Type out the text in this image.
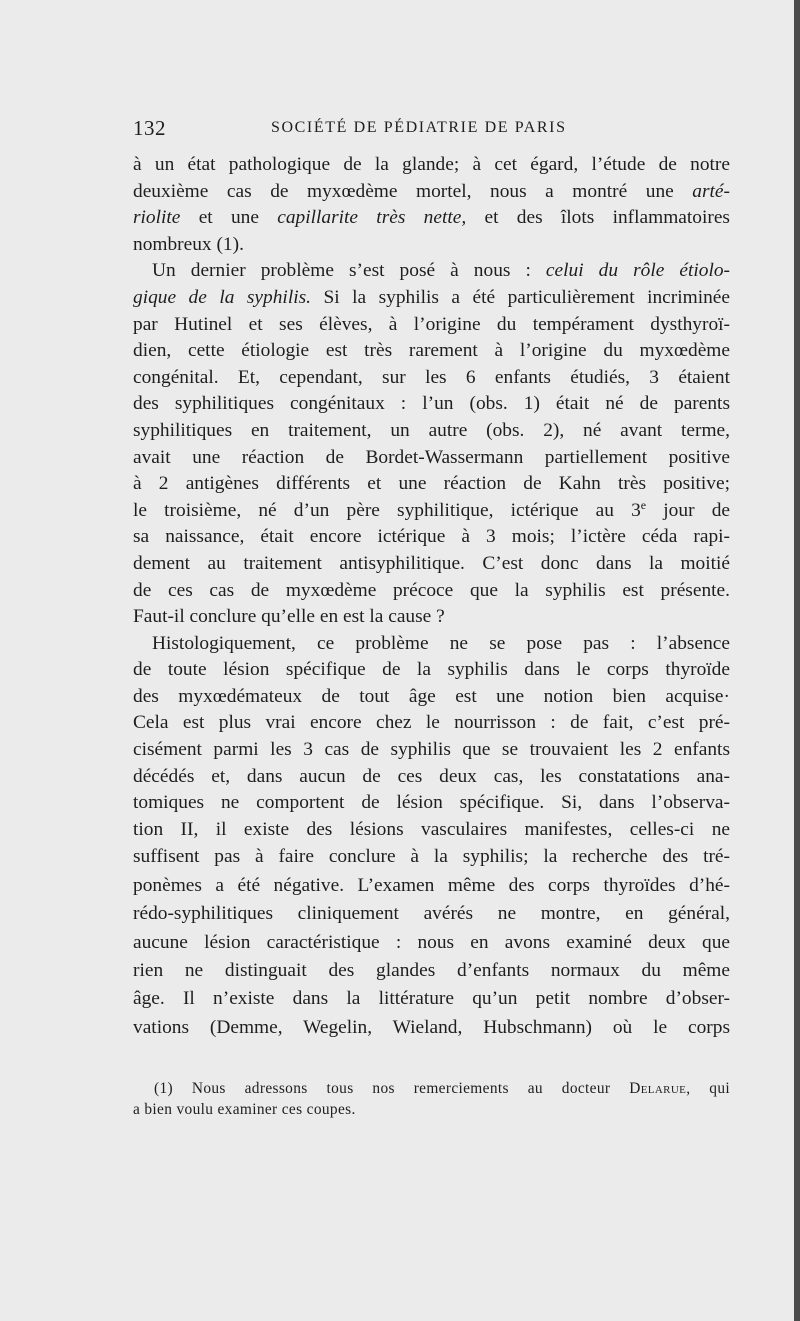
132	SOCIÉTÉ DE PÉDIATRIE DE PARIS
à un état pathologique de la glande; à cet égard, l’étude de notre
deuxième cas de myxœdème mortel, nous a montré une arté-
riolite et une capillarite très nette, et des îlots inflammatoires
nombreux (1).
Un dernier problème s’est posé à nous : celui du rôle étiolo-
gique de la syphilis. Si la syphilis a été particulièrement incriminée
par Hutinel et ses élèves, à l’origine du tempérament dysthyroï-
dien, cette étiologie est très rarement à l’origine du myxœdème
congénital. Et, cependant, sur les 6 enfants étudiés, 3 étaient
des syphilitiques congénitaux : l’un (obs. 1) était né de parents
syphilitiques en traitement, un autre (obs. 2), né avant terme,
avait une réaction de Bordet-Wassermann partiellement positive
à 2 antigènes différents et une réaction de Kahn très positive;
le troisième, né d’un père syphilitique, ictérique au 3e jour de
sa naissance, était encore ictérique à 3 mois; l’ictère céda rapi-
dement au traitement antisyphilitique. C’est donc dans la moitié
de ces cas de myxœdème précoce que la syphilis est présente.
Faut-il conclure qu’elle en est la cause ?
Histologiquement, ce problème ne se pose pas : l’absence
de toute lésion spécifique de la syphilis dans le corps thyroïde
des myxœdémateux de tout âge est une notion bien acquise·
Cela est plus vrai encore chez le nourrisson : de fait, c’est pré-
cisément parmi les 3 cas de syphilis que se trouvaient les 2 enfants
décédés et, dans aucun de ces deux cas, les constatations ana-
tomiques ne comportent de lésion spécifique. Si, dans l’observa-
tion II, il existe des lésions vasculaires manifestes, celles-ci ne
suffisent pas à faire conclure à la syphilis; la recherche des tré-
ponèmes a été négative. L’examen même des corps thyroïdes d’hé-
rédo-syphilitiques cliniquement avérés ne montre, en général,
aucune lésion caractéristique : nous en avons examiné deux que
rien ne distinguait des glandes d’enfants normaux du même
âge. Il n’existe dans la littérature qu’un petit nombre d’obser-
vations (Demme, Wegelin, Wieland, Hubschmann) où le corps
(1) Nous adressons tous nos remerciements au docteur Delarue, qui
a bien voulu examiner ces coupes.
